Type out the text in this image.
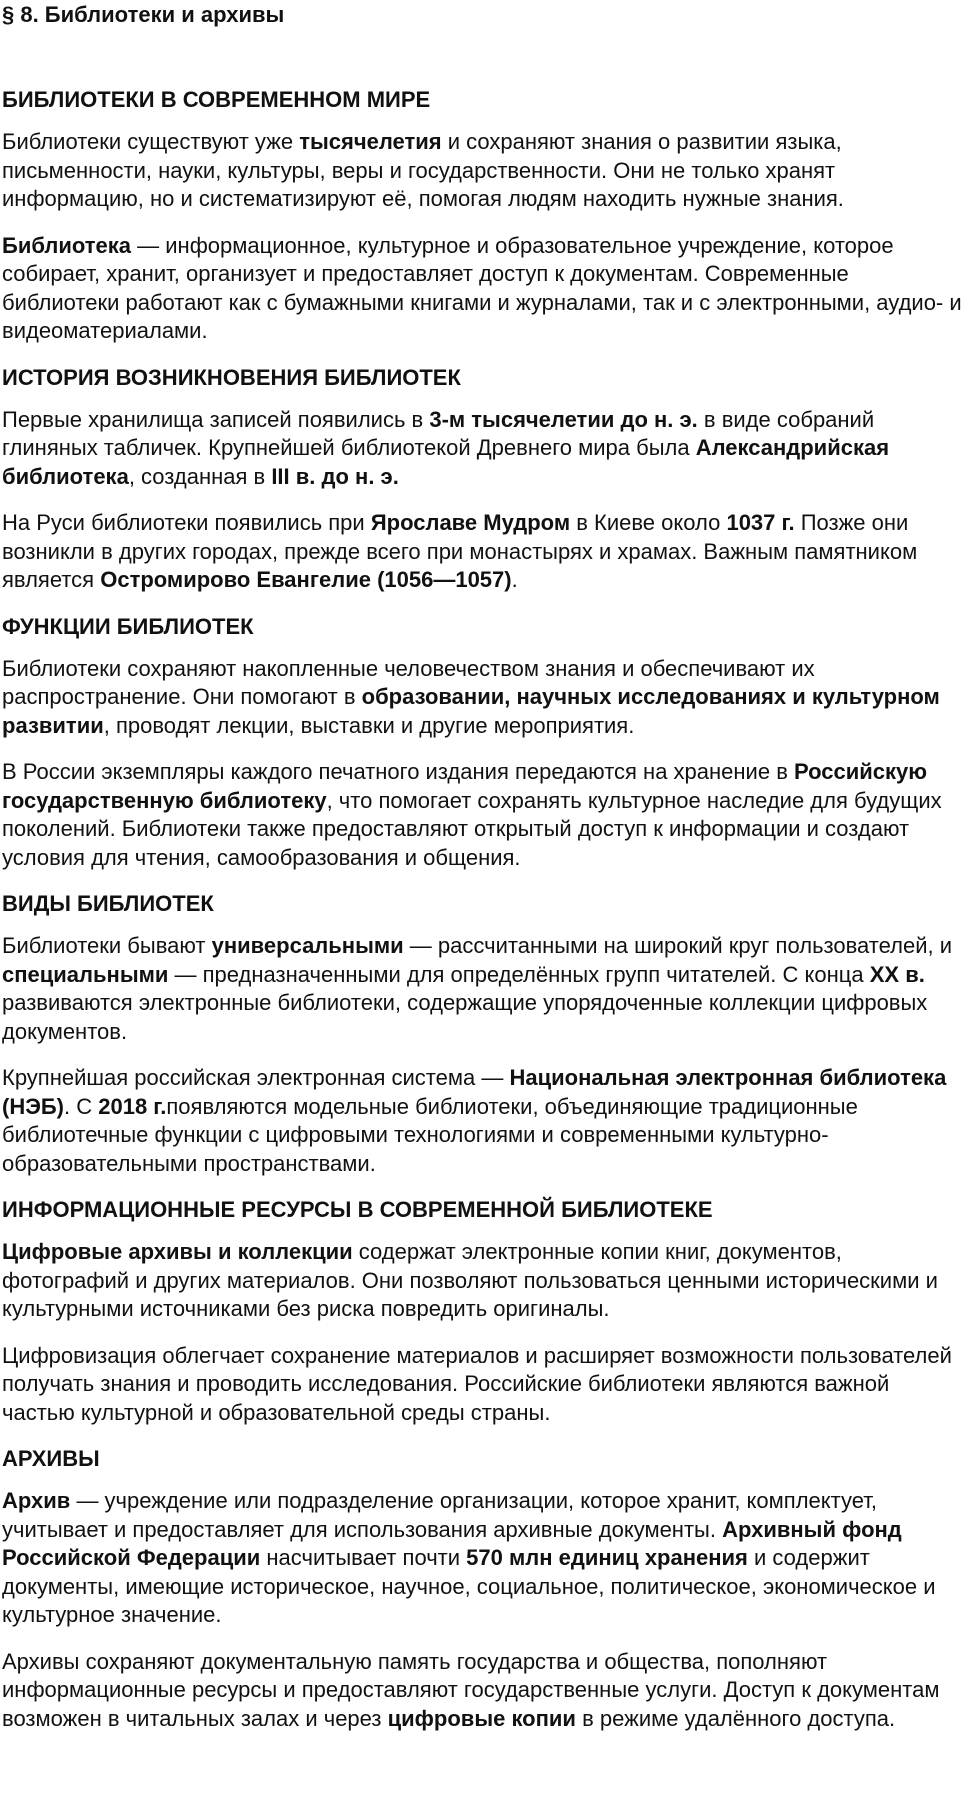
§ 8. Библиотеки и архивы
БИБЛИОТЕКИ В СОВРЕМЕННОМ МИРЕ

Библиотеки существуют уже тысячелетия и сохраняют знания о развитии языка, письменности, науки, культуры, веры и государственности. Они не только хранят информацию, но и систематизируют её, помогая людям находить нужные знания.

Библиотека — информационное, культурное и образовательное учреждение, которое собирает, хранит, организует и предоставляет доступ к документам. Современные библиотеки работают как с бумажными книгами и журналами, так и с электронными, аудио- и видеоматериалами.

ИСТОРИЯ ВОЗНИКНОВЕНИЯ БИБЛИОТЕК

Первые хранилища записей появились в 3-м тысячелетии до н. э. в виде собраний глиняных табличек. Крупнейшей библиотекой Древнего мира была Александрийская библиотека, созданная в III в. до н. э.

На Руси библиотеки появились при Ярославе Мудром в Киеве около 1037 г. Позже они возникли в других городах, прежде всего при монастырях и храмах. Важным памятником является Остромирово Евангелие (1056—1057).

ФУНКЦИИ БИБЛИОТЕК

Библиотеки сохраняют накопленные человечеством знания и обеспечивают их распространение. Они помогают в образовании, научных исследованиях и культурном развитии, проводят лекции, выставки и другие мероприятия.

В России экземпляры каждого печатного издания передаются на хранение в Российскую государственную библиотеку, что помогает сохранять культурное наследие для будущих поколений. Библиотеки также предоставляют открытый доступ к информации и создают условия для чтения, самообразования и общения.

ВИДЫ БИБЛИОТЕК

Библиотеки бывают универсальными — рассчитанными на широкий круг пользователей, и специальными — предназначенными для определённых групп читателей. С конца XX в. развиваются электронные библиотеки, содержащие упорядоченные коллекции цифровых документов.

Крупнейшая российская электронная система — Национальная электронная библиотека (НЭБ). С 2018 г.появляются модельные библиотеки, объединяющие традиционные библиотечные функции с цифровыми технологиями и современными культурно-образовательными пространствами.

ИНФОРМАЦИОННЫЕ РЕСУРСЫ В СОВРЕМЕННОЙ БИБЛИОТЕКЕ

Цифровые архивы и коллекции содержат электронные копии книг, документов, фотографий и других материалов. Они позволяют пользоваться ценными историческими и культурными источниками без риска повредить оригиналы.

Цифровизация облегчает сохранение материалов и расширяет возможности пользователей получать знания и проводить исследования. Российские библиотеки являются важной частью культурной и образовательной среды страны.

АРХИВЫ

Архив — учреждение или подразделение организации, которое хранит, комплектует, учитывает и предоставляет для использования архивные документы. Архивный фонд Российской Федерации насчитывает почти 570 млн единиц хранения и содержит документы, имеющие историческое, научное, социальное, политическое, экономическое и культурное значение.

Архивы сохраняют документальную память государства и общества, пополняют информационные ресурсы и предоставляют государственные услуги. Доступ к документам возможен в читальных залах и через цифровые копии в режиме удалённого доступа.
